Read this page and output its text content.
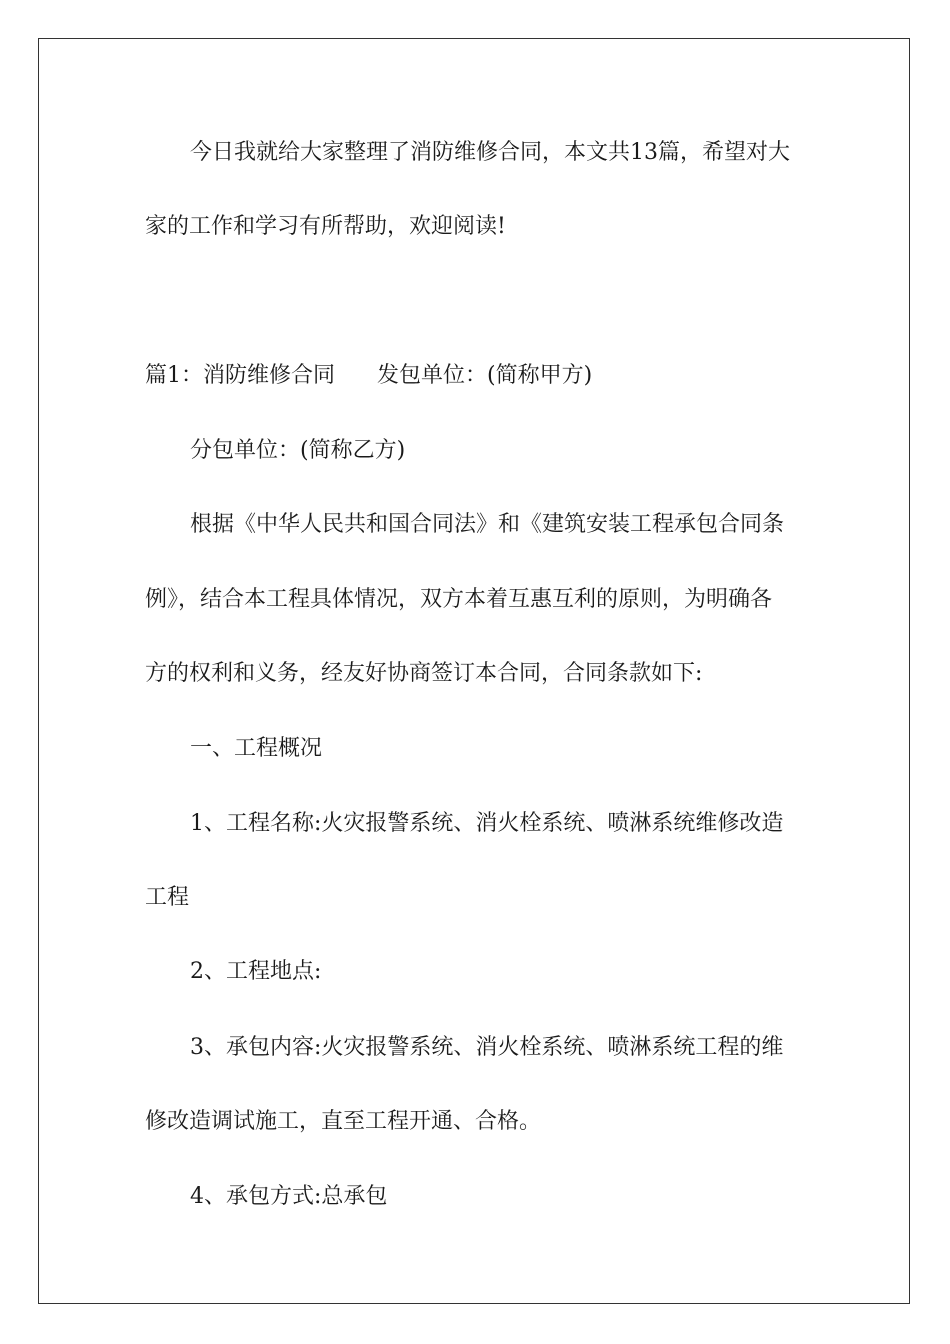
今日我就给大家整理了消防维修合同，本文共13篇，希望对大
家的工作和学习有所帮助，欢迎阅读!
篇1：消防维修合同 发包单位：(简称甲方)
分包单位：(简称乙方)
根据《中华人民共和国合同法》和《建筑安装工程承包合同条
例》，结合本工程具体情况，双方本着互惠互利的原则，为明确各
方的权利和义务，经友好协商签订本合同，合同条款如下:
一、工程概况
1、工程名称:火灾报警系统、消火栓系统、喷淋系统维修改造
工程
2、工程地点:
3、承包内容:火灾报警系统、消火栓系统、喷淋系统工程的维
修改造调试施工，直至工程开通、合格。
4、承包方式:总承包
